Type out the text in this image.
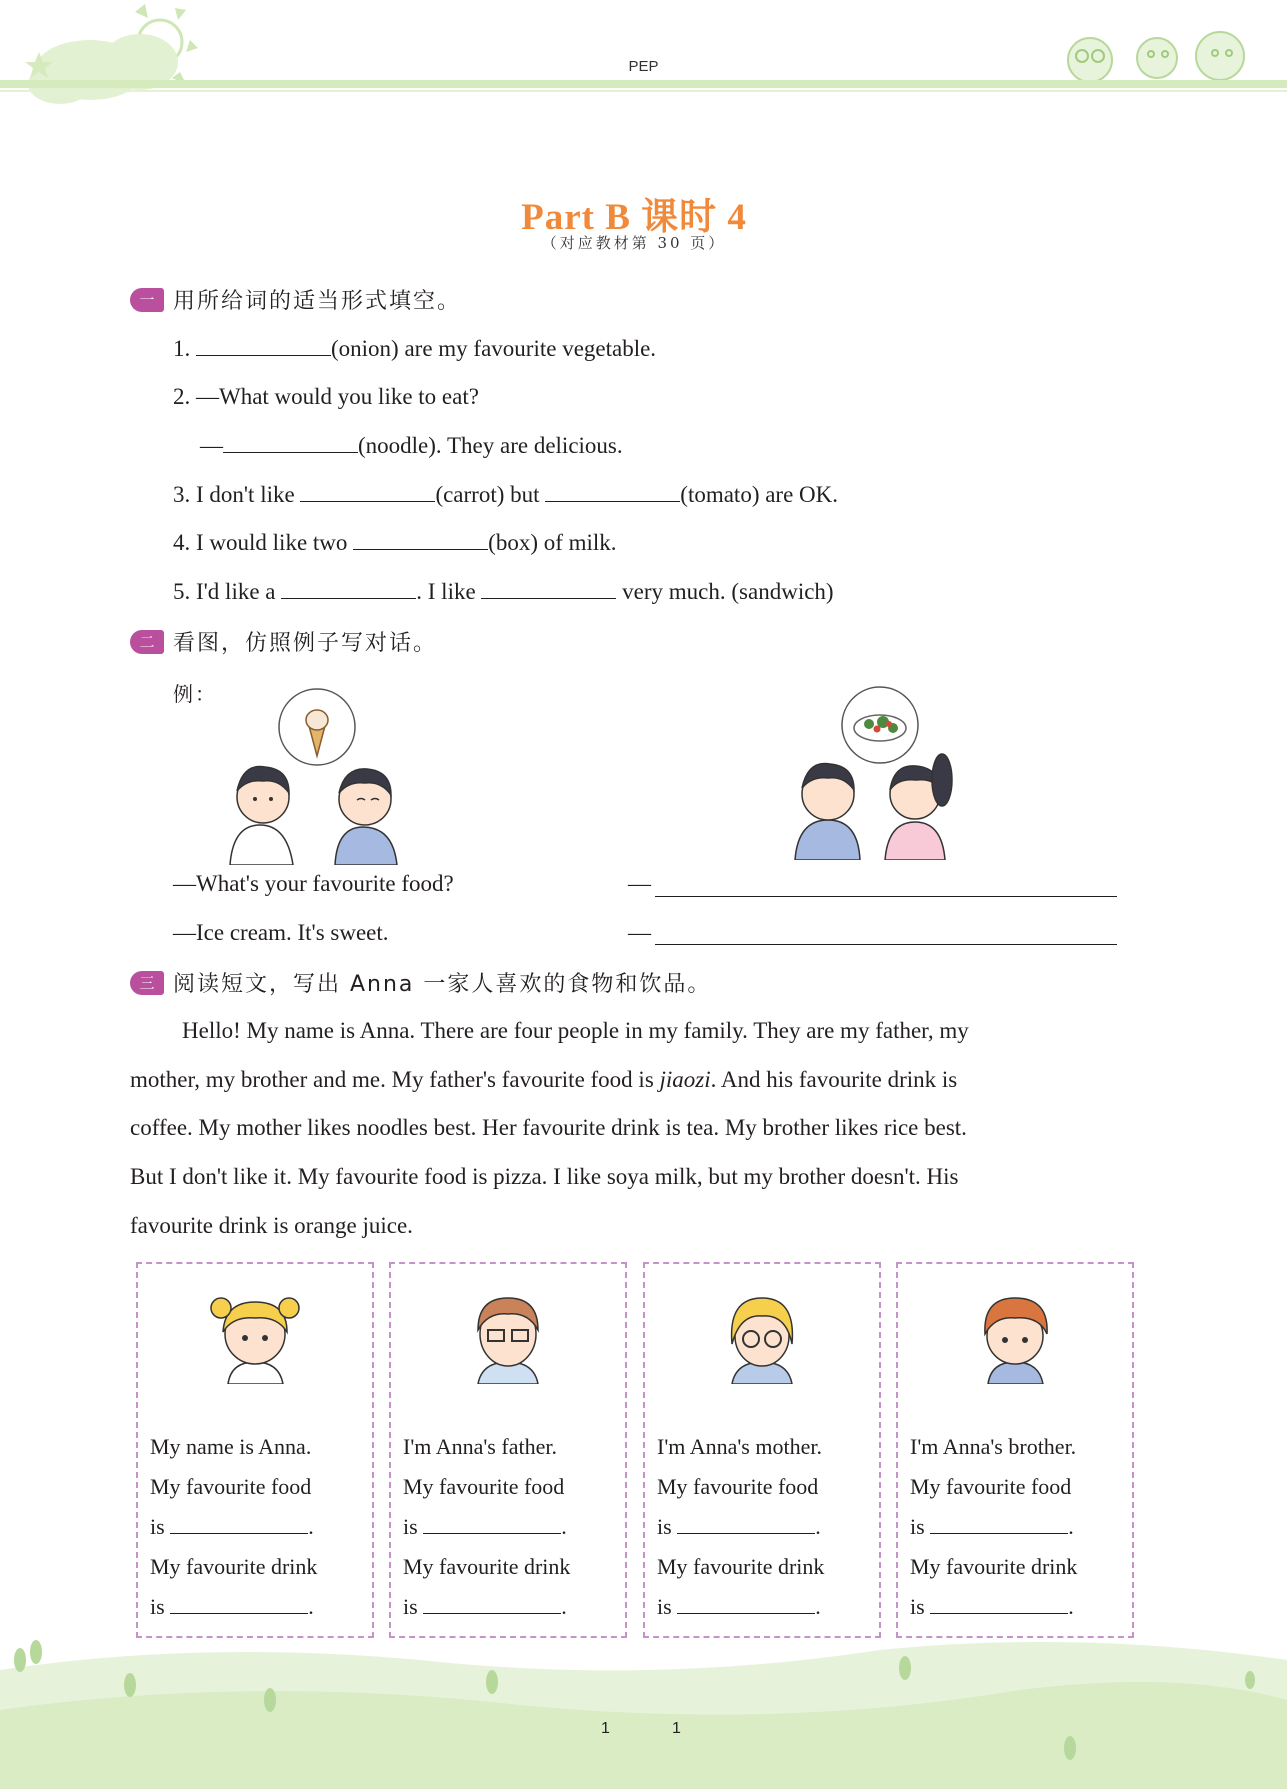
PEP
Part B 课时 4
（对应教材第 30 页）
一 用所给词的适当形式填空。
1.	(onion) are my favourite vegetable.
2. —What would you like to eat?
—	(noodle). They are delicious.
3. I don't like	(carrot) but	(tomato) are OK.
4. I would like two	(box) of milk.
5. I'd like a	. I like	very much. (sandwich)
二 看图，仿照例子写对话。
例：
—What's your favourite food?
—Ice cream. It's sweet.
—
—
三 阅读短文，写出 Anna 一家人喜欢的食物和饮品。
Hello! My name is Anna. There are four people in my family. They are my father, my
mother, my brother and me. My father's favourite food is jiaozi. And his favourite drink is
coffee. My mother likes noodles best. Her favourite drink is tea. My brother likes rice best.
But I don't like it. My favourite food is pizza. I like soya milk, but my brother doesn't. His
favourite drink is orange juice.
My name is Anna.
My favourite food
is	.
My favourite drink
is	.
I'm Anna's father.
My favourite food
is	.
My favourite drink
is	.
I'm Anna's mother.
My favourite food
is	.
My favourite drink
is	.
I'm Anna's brother.
My favourite food
is	.
My favourite drink
is	.
1	1
